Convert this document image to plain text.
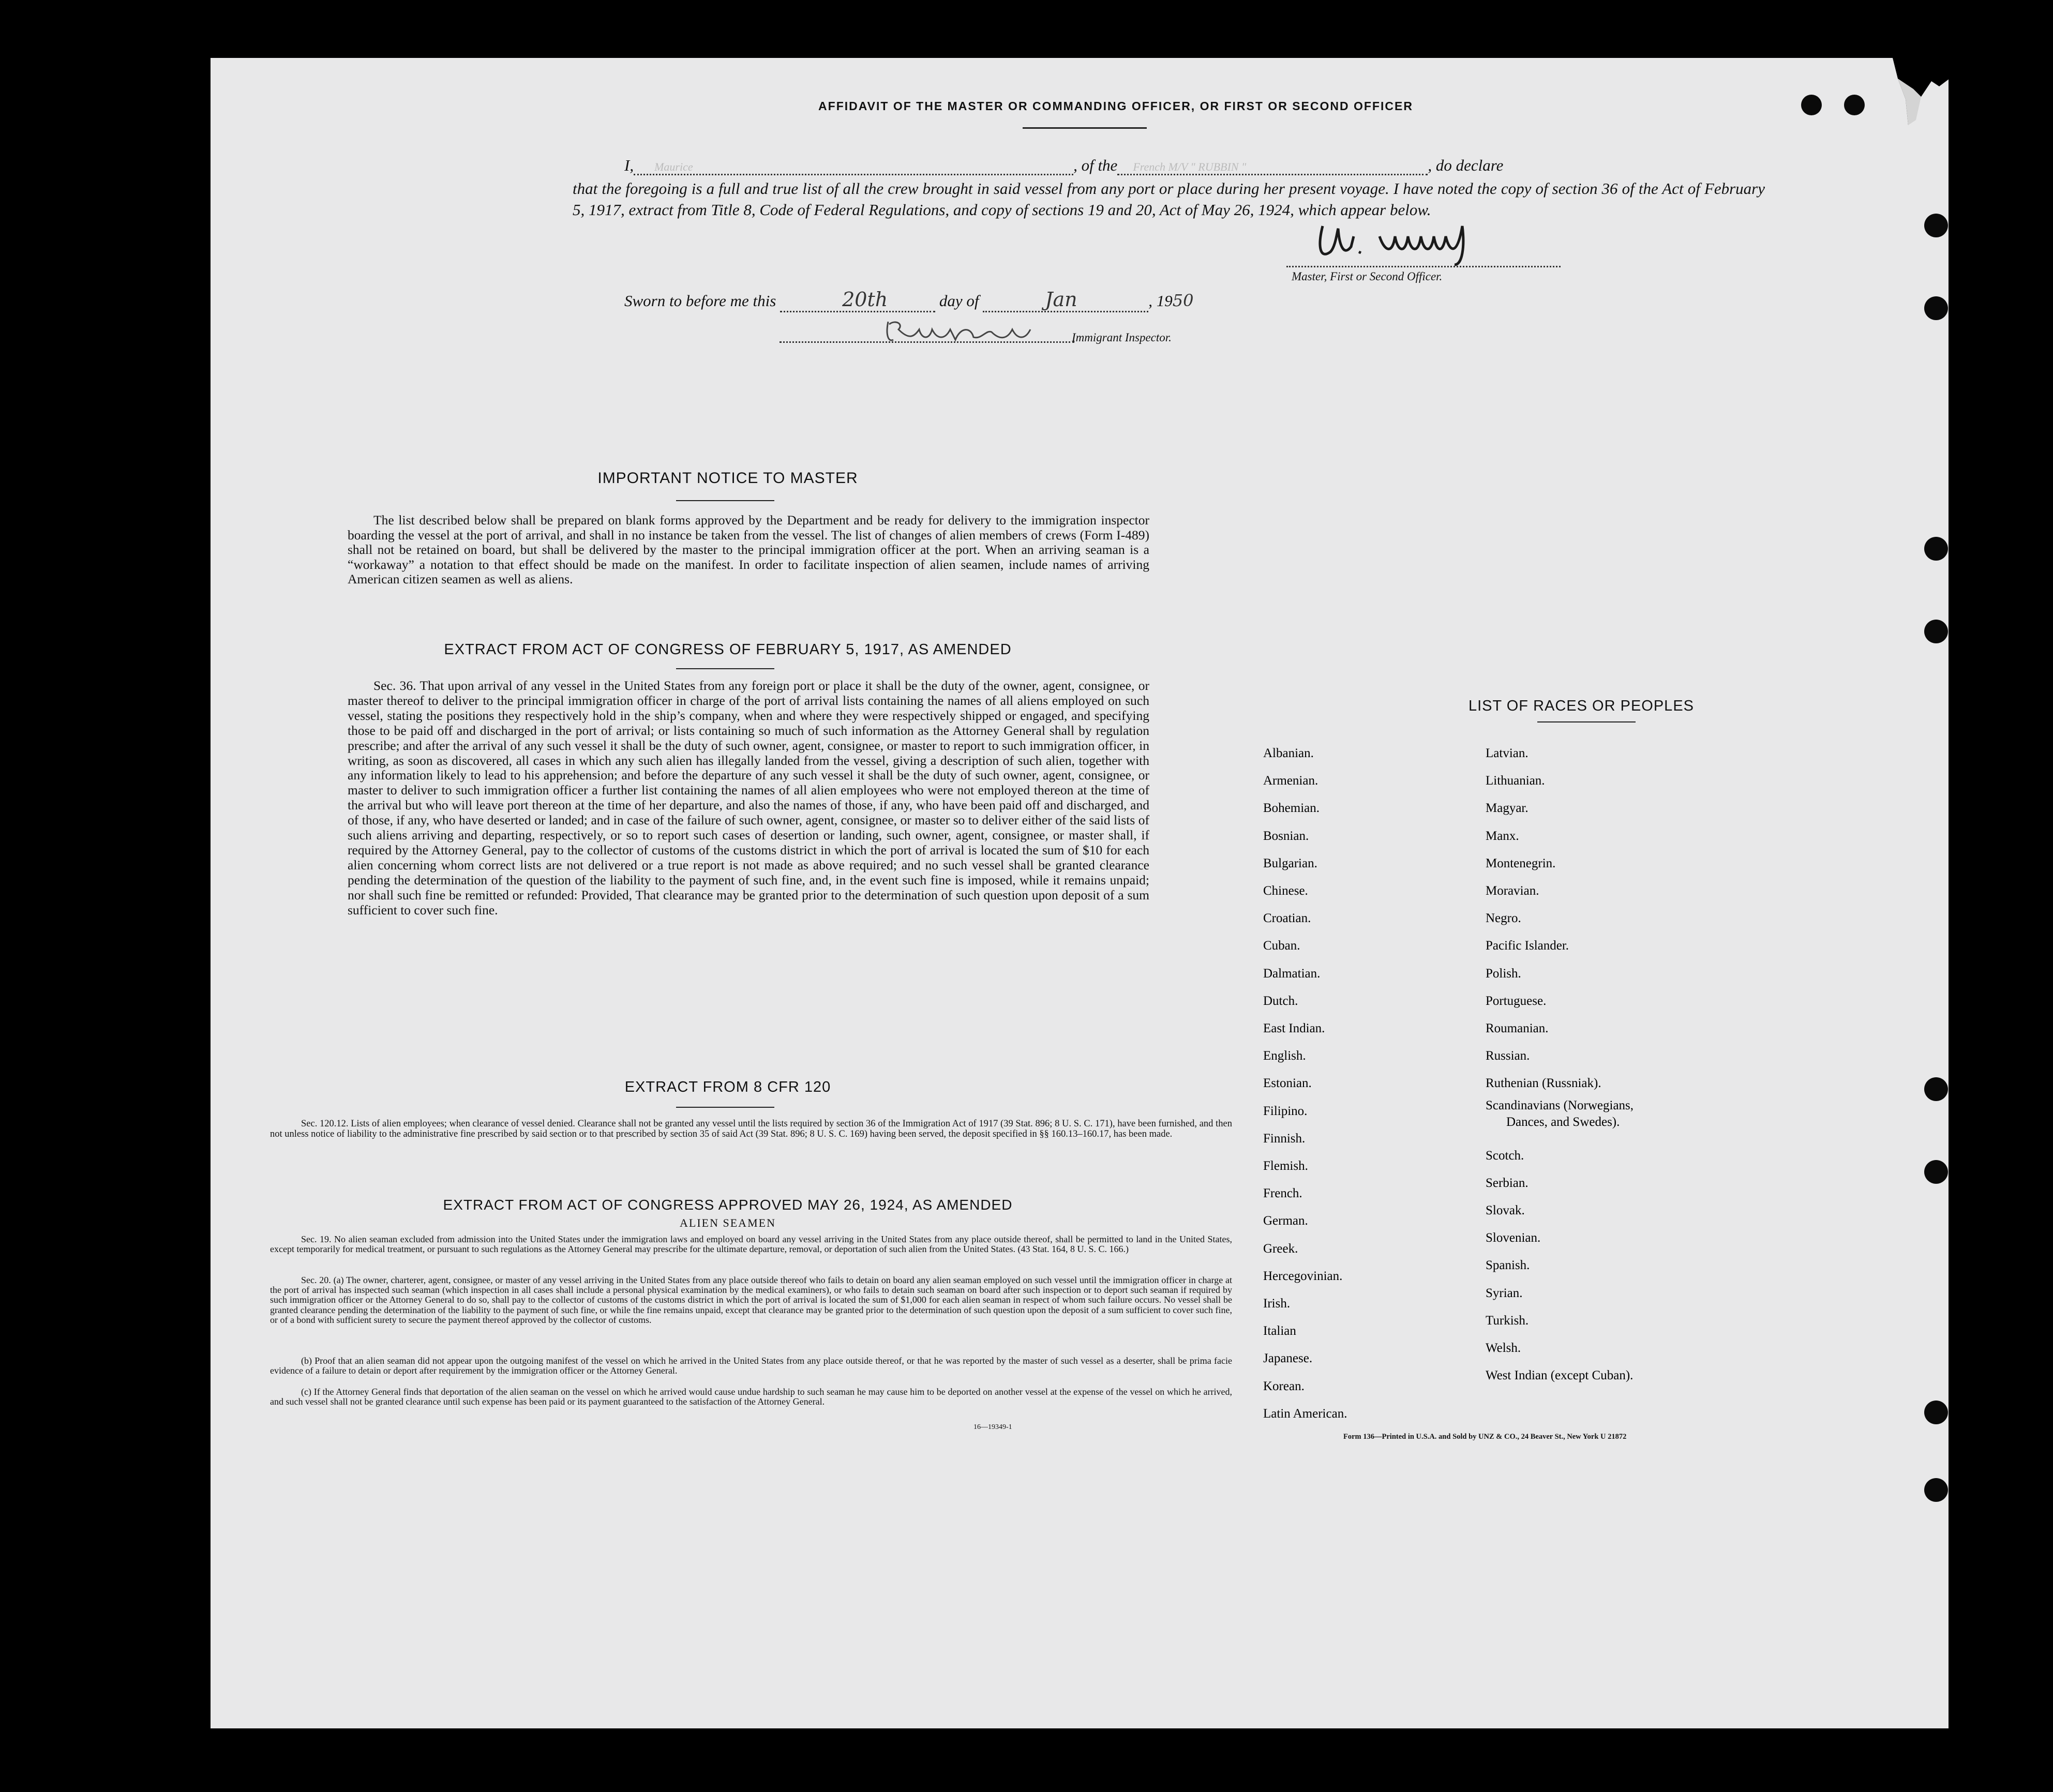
AFFIDAVIT OF THE MASTER OR COMMANDING OFFICER, OR FIRST OR SECOND OFFICER
I, Maurice	, of the French M/V " RUBBIN "	, do declare
that the foregoing is a full and true list of all the crew brought in said vessel from any port or place during her present voyage. I have noted the copy of section 36 of the Act of February 5, 1917, extract from Title 8, Code of Federal Regulations, and copy of sections 19 and 20, Act of May 26, 1924, which appear below.
Master, First or Second Officer.
Sworn to before me this	20th	day of	Jan	, 1950
Immigrant Inspector.
IMPORTANT NOTICE TO MASTER
The list described below shall be prepared on blank forms approved by the Department and be ready for delivery to the immigration inspector boarding the vessel at the port of arrival, and shall in no instance be taken from the vessel. The list of changes of alien members of crews (Form I-489) shall not be retained on board, but shall be delivered by the master to the principal immigration officer at the port. When an arriving seaman is a “workaway” a notation to that effect should be made on the manifest. In order to facilitate inspection of alien seamen, include names of arriving American citizen seamen as well as aliens.
EXTRACT FROM ACT OF CONGRESS OF FEBRUARY 5, 1917, AS AMENDED
Sec. 36. That upon arrival of any vessel in the United States from any foreign port or place it shall be the duty of the owner, agent, consignee, or master thereof to deliver to the principal immigration officer in charge of the port of arrival lists containing the names of all aliens employed on such vessel, stating the positions they respectively hold in the ship’s company, when and where they were respectively shipped or engaged, and specifying those to be paid off and discharged in the port of arrival; or lists containing so much of such information as the Attorney General shall by regulation prescribe; and after the arrival of any such vessel it shall be the duty of such owner, agent, consignee, or master to report to such immigration officer, in writing, as soon as discovered, all cases in which any such alien has illegally landed from the vessel, giving a description of such alien, together with any information likely to lead to his apprehension; and before the departure of any such vessel it shall be the duty of such owner, agent, consignee, or master to deliver to such immigration officer a further list containing the names of all alien employees who were not employed thereon at the time of the arrival but who will leave port thereon at the time of her departure, and also the names of those, if any, who have been paid off and discharged, and of those, if any, who have deserted or landed; and in case of the failure of such owner, agent, consignee, or master so to deliver either of the said lists of such aliens arriving and departing, respectively, or so to report such cases of desertion or landing, such owner, agent, consignee, or master shall, if required by the Attorney General, pay to the collector of customs of the customs district in which the port of arrival is located the sum of $10 for each alien concerning whom correct lists are not delivered or a true report is not made as above required; and no such vessel shall be granted clearance pending the determination of the question of the liability to the payment of such fine, and, in the event such fine is imposed, while it remains unpaid; nor shall such fine be remitted or refunded: Provided, That clearance may be granted prior to the determination of such question upon deposit of a sum sufficient to cover such fine.
EXTRACT FROM 8 CFR 120
Sec. 120.12. Lists of alien employees; when clearance of vessel denied. Clearance shall not be granted any vessel until the lists required by section 36 of the Immigration Act of 1917 (39 Stat. 896; 8 U. S. C. 171), have been furnished, and then not unless notice of liability to the administrative fine prescribed by said section or to that prescribed by section 35 of said Act (39 Stat. 896; 8 U. S. C. 169) having been served, the deposit specified in §§ 160.13–160.17, has been made.
EXTRACT FROM ACT OF CONGRESS APPROVED MAY 26, 1924, AS AMENDED
ALIEN SEAMEN
Sec. 19. No alien seaman excluded from admission into the United States under the immigration laws and employed on board any vessel arriving in the United States from any place outside thereof, shall be permitted to land in the United States, except temporarily for medical treatment, or pursuant to such regulations as the Attorney General may prescribe for the ultimate departure, removal, or deportation of such alien from the United States. (43 Stat. 164, 8 U. S. C. 166.)
Sec. 20. (a) The owner, charterer, agent, consignee, or master of any vessel arriving in the United States from any place outside thereof who fails to detain on board any alien seaman employed on such vessel until the immigration officer in charge at the port of arrival has inspected such seaman (which inspection in all cases shall include a personal physical examination by the medical examiners), or who fails to detain such seaman on board after such inspection or to deport such seaman if required by such immigration officer or the Attorney General to do so, shall pay to the collector of customs of the customs district in which the port of arrival is located the sum of $1,000 for each alien seaman in respect of whom such failure occurs. No vessel shall be granted clearance pending the determination of the liability to the payment of such fine, or while the fine remains unpaid, except that clearance may be granted prior to the determination of such question upon the deposit of a sum sufficient to cover such fine, or of a bond with sufficient surety to secure the payment thereof approved by the collector of customs.
(b) Proof that an alien seaman did not appear upon the outgoing manifest of the vessel on which he arrived in the United States from any place outside thereof, or that he was reported by the master of such vessel as a deserter, shall be prima facie evidence of a failure to detain or deport after requirement by the immigration officer or the Attorney General.
(c) If the Attorney General finds that deportation of the alien seaman on the vessel on which he arrived would cause undue hardship to such seaman he may cause him to be deported on another vessel at the expense of the vessel on which he arrived, and such vessel shall not be granted clearance until such expense has been paid or its payment guaranteed to the satisfaction of the Attorney General.
16—19349-1
LIST OF RACES OR PEOPLES
Albanian.
Armenian.
Bohemian.
Bosnian.
Bulgarian.
Chinese.
Croatian.
Cuban.
Dalmatian.
Dutch.
East Indian.
English.
Estonian.
Filipino.
Finnish.
Flemish.
French.
German.
Greek.
Hercegovinian.
Irish.
Italian
Japanese.
Korean.
Latin American.
Latvian.
Lithuanian.
Magyar.
Manx.
Montenegrin.
Moravian.
Negro.
Pacific Islander.
Polish.
Portuguese.
Roumanian.
Russian.
Ruthenian (Russniak).
Scandinavians (Norwegians,
Dances, and Swedes).
Scotch.
Serbian.
Slovak.
Slovenian.
Spanish.
Syrian.
Turkish.
Welsh.
West Indian (except Cuban).
Form 136—Printed in U.S.A. and Sold by UNZ & CO., 24 Beaver St., New York U 21872
